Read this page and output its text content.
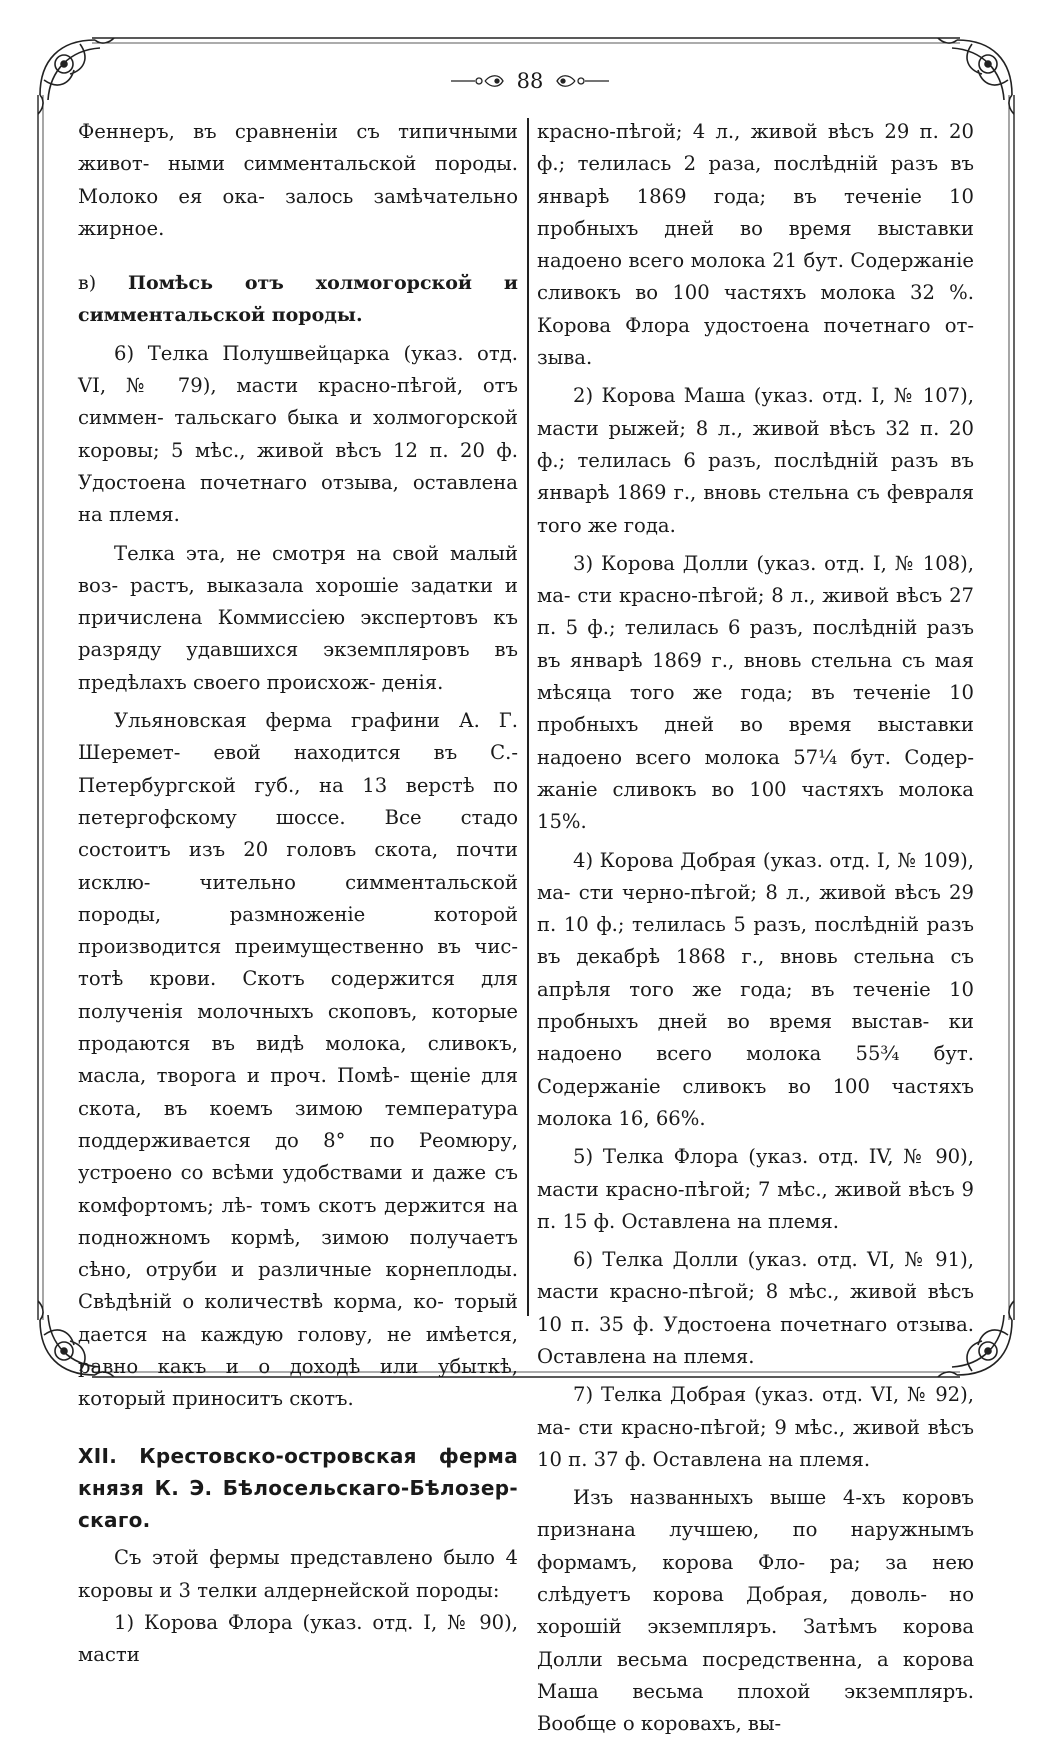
88

Феннеръ, въ сравненіи съ типичными живот- ными симментальской породы. Молоко ея ока- залось замѣчательно жирное.

в) Помѣсь отъ холмогорской и симментальской породы.

6) Телка Полушвейцарка (указ. отд. VI, № 79), масти красно-пѣгой, отъ симмен- тальскаго быка и холмогорской коровы; 5 мѣс., живой вѣсъ 12 п. 20 ф. Удостоена почетнаго отзыва, оставлена на племя.

Телка эта, не смотря на свой малый воз- растъ, выказала хорошіе задатки и причислена Коммиссіею экспертовъ къ разряду удавшихся экземпляровъ въ предѣлахъ своего происхож- денія.

Ульяновская ферма графини А. Г. Шеремет- евой находится въ С.-Петербургской губ., на 13 верстѣ по петергофскому шоссе. Все стадо состоитъ изъ 20 головъ скота, почти исклю- чительно симментальской породы, размноженіе которой производится преимущественно въ чис- тотѣ крови. Скотъ содержится для полученія молочныхъ скоповъ, которые продаются въ видѣ молока, сливокъ, масла, творога и проч. Помѣ- щеніе для скота, въ коемъ зимою температура поддерживается до 8° по Реомюру, устроено со всѣми удобствами и даже съ комфортомъ; лѣ- томъ скотъ держится на подножномъ кормѣ, зимою получаетъ сѣно, отруби и различные корнеплоды. Свѣдѣній о количествѣ корма, ко- торый дается на каждую голову, не имѣется, равно какъ и о доходѣ или убыткѣ, который приноситъ скотъ.

XII. Крестовско-островская ферма князя К. Э. Бѣлосельскаго-Бѣлозер- скаго.

Съ этой фермы представлено было 4 коровы и 3 телки алдернейской породы:

1) Корова Флора (указ. отд. I, № 90), масти

красно-пѣгой; 4 л., живой вѣсъ 29 п. 20 ф.; телилась 2 раза, послѣдній разъ въ январѣ 1869 года; въ теченіе 10 пробныхъ дней во время выставки надоено всего молока 21 бут. Содержаніе сливокъ во 100 частяхъ молока 32 %. Корова Флора удостоена почетнаго от- зыва.

2) Корова Маша (указ. отд. I, № 107), масти рыжей; 8 л., живой вѣсъ 32 п. 20 ф.; телилась 6 разъ, послѣдній разъ въ январѣ 1869 г., вновь стельна съ февраля того же года.

3) Корова Долли (указ. отд. I, № 108), ма- сти красно-пѣгой; 8 л., живой вѣсъ 27 п. 5 ф.; телилась 6 разъ, послѣдній разъ въ январѣ 1869 г., вновь стельна съ мая мѣсяца того же года; въ теченіе 10 пробныхъ дней во время выставки надоено всего молока 57¼ бут. Содер- жаніе сливокъ во 100 частяхъ молока 15%.

4) Корова Добрая (указ. отд. I, № 109), ма- сти черно-пѣгой; 8 л., живой вѣсъ 29 п. 10 ф.; телилась 5 разъ, послѣдній разъ въ декабрѣ 1868 г., вновь стельна съ апрѣля того же года; въ теченіе 10 пробныхъ дней во время выстав- ки надоено всего молока 55¾ бут. Содержаніе сливокъ во 100 частяхъ молока 16, 66%.

5) Телка Флора (указ. отд. IV, № 90), масти красно-пѣгой; 7 мѣс., живой вѣсъ 9 п. 15 ф. Оставлена на племя.

6) Телка Долли (указ. отд. VI, № 91), масти красно-пѣгой; 8 мѣс., живой вѣсъ 10 п. 35 ф. Удостоена почетнаго отзыва. Оставлена на племя.

7) Телка Добрая (указ. отд. VI, № 92), ма- сти красно-пѣгой; 9 мѣс., живой вѣсъ 10 п. 37 ф. Оставлена на племя.

Изъ названныхъ выше 4-хъ коровъ признана лучшею, по наружнымъ формамъ, корова Фло- ра; за нею слѣдуетъ корова Добрая, доволь- но хорошій экземпляръ. Затѣмъ корова Долли весьма посредственна, а корова Маша весьма плохой экземпляръ. Вообще о коровахъ, вы-
